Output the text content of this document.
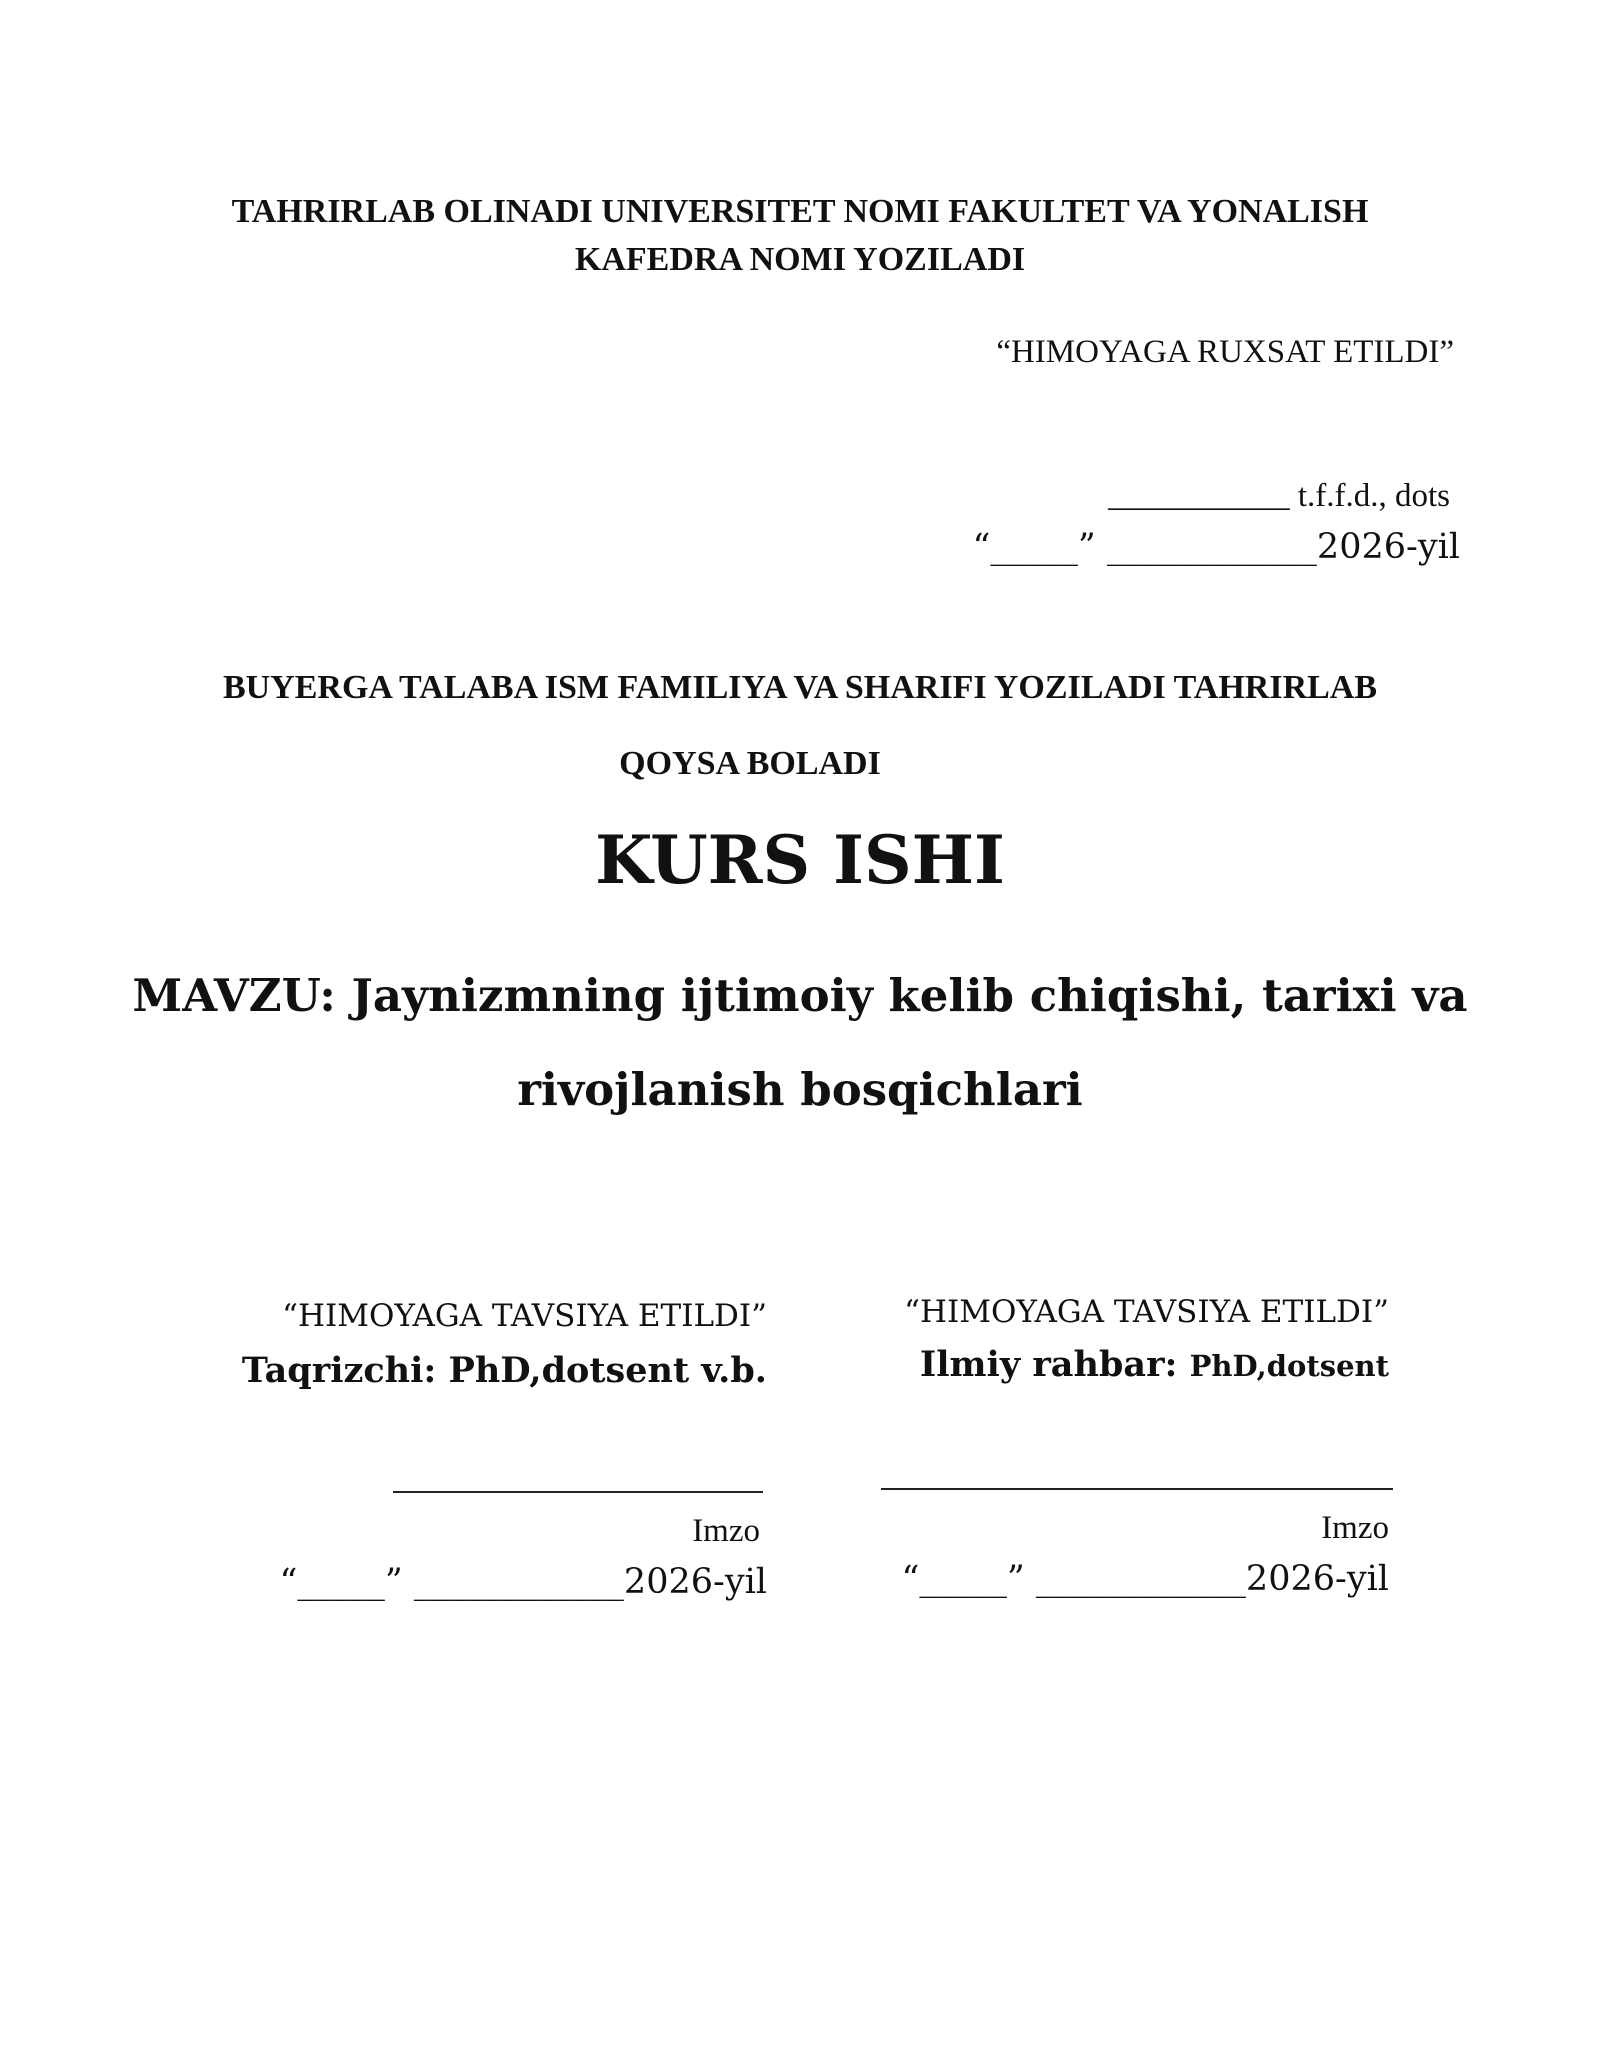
TAHRIRLAB OLINADI UNIVERSITET NOMI FAKULTET VA YONALISH
KAFEDRA NOMI YOZILADI
“HIMOYAGA RUXSAT ETILDI”
___________ t.f.f.d., dots
“_____” ____________2026-yil
BUYERGA TALABA ISM FAMILIYA VA SHARIFI YOZILADI TAHRIRLAB
QOYSA BOLADI
KURS ISHI
MAVZU: Jaynizmning ijtimoiy kelib chiqishi, tarixi va
rivojlanish bosqichlari
“HIMOYAGA TAVSIYA ETILDI”
Taqrizchi: PhD,dotsent v.b.
Imzo
“_____” ____________2026-yil
“HIMOYAGA TAVSIYA ETILDI”
Ilmiy rahbar: PhD,dotsent
Imzo
“_____” ____________2026-yil
